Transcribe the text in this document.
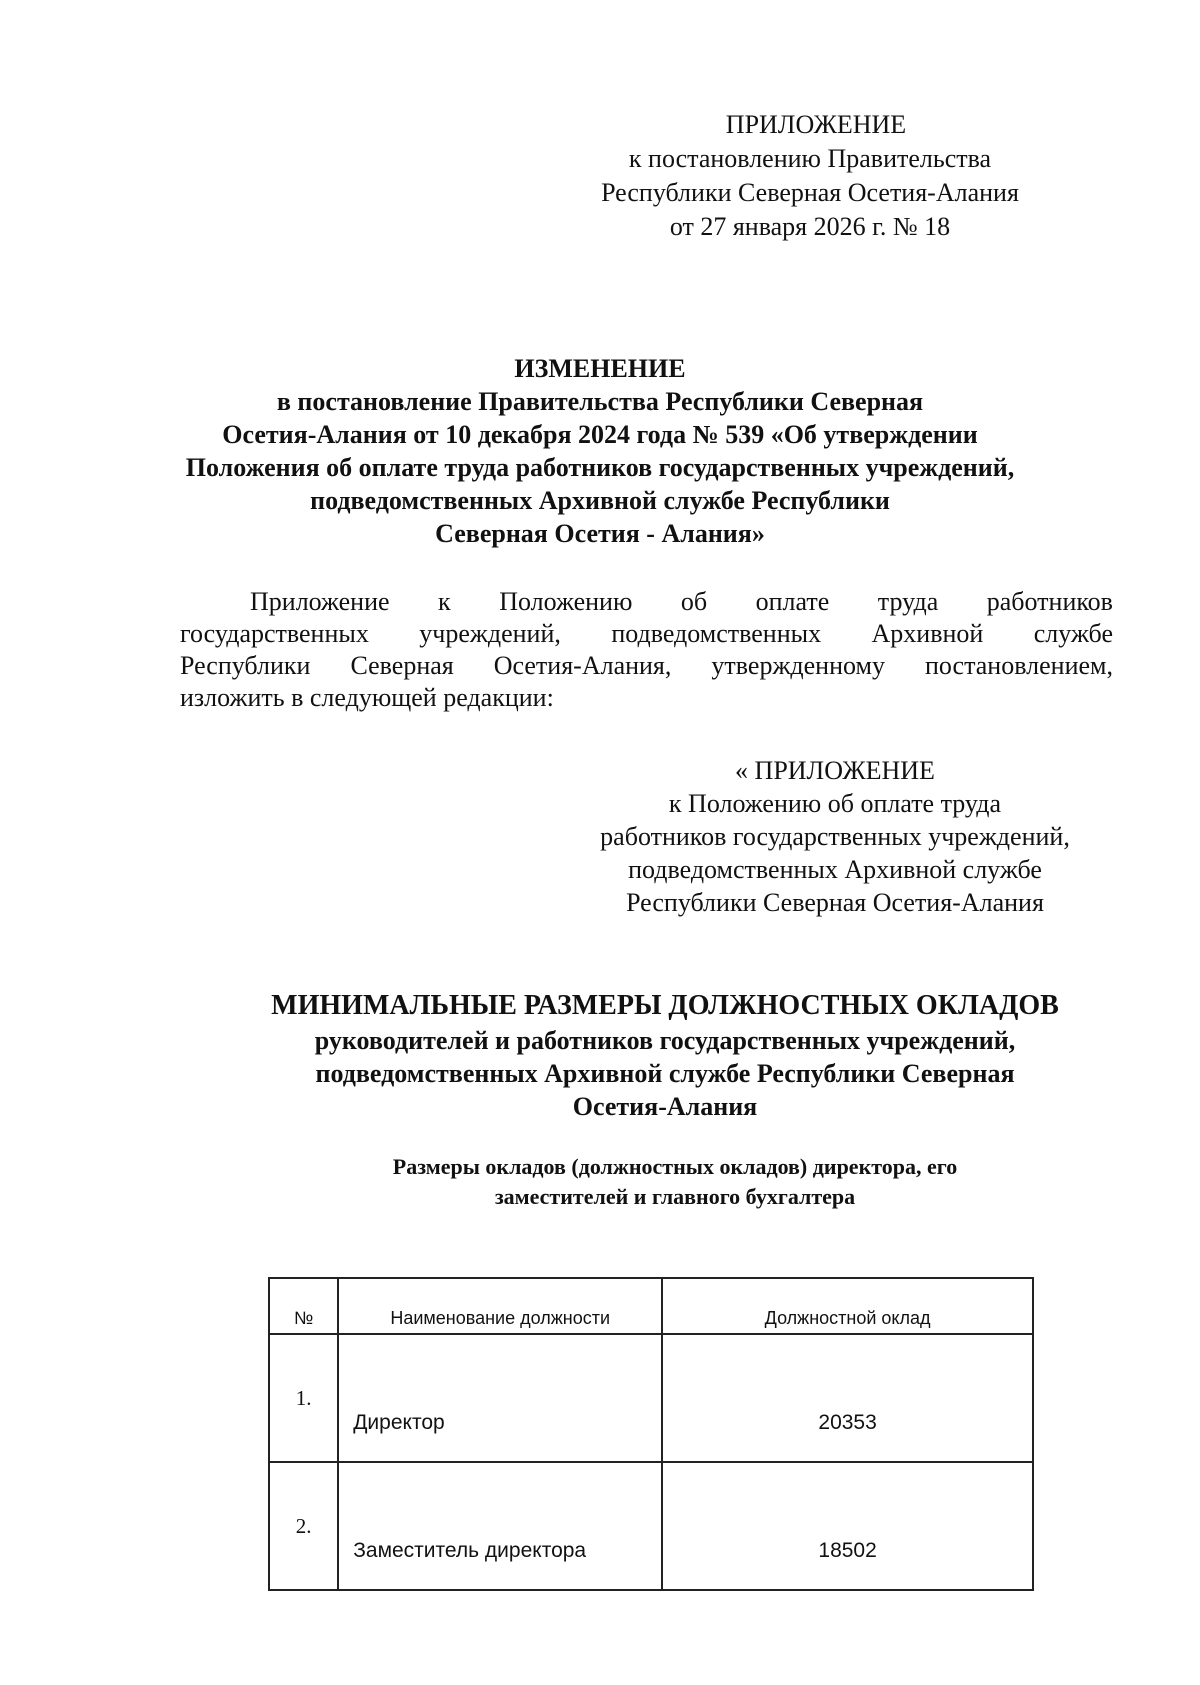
ПРИЛОЖЕНИЕ
к постановлению Правительства
Республики Северная Осетия-Алания
от 27 января 2026 г. № 18
ИЗМЕНЕНИЕ
в постановление Правительства Республики Северная
Осетия-Алания от 10 декабря 2024 года № 539 «Об утверждении
Положения об оплате труда работников государственных учреждений,
подведомственных Архивной службе Республики
Северная Осетия - Алания»
Приложение к Положению об оплате труда работников
государственных учреждений, подведомственных Архивной службе
Республики Северная Осетия-Алания, утвержденному постановлением,
изложить в следующей редакции:
« ПРИЛОЖЕНИЕ
к Положению об оплате труда
работников государственных учреждений,
подведомственных Архивной службе
Республики Северная Осетия-Алания
МИНИМАЛЬНЫЕ РАЗМЕРЫ ДОЛЖНОСТНЫХ ОКЛАДОВ
руководителей и работников государственных учреждений,
подведомственных Архивной службе Республики Северная
Осетия-Алания
Размеры окладов (должностных окладов) директора, его
заместителей и главного бухгалтера
№	Наименование должности	Должностной оклад
1.	Директор	20353
2.	Заместитель директора	18502
